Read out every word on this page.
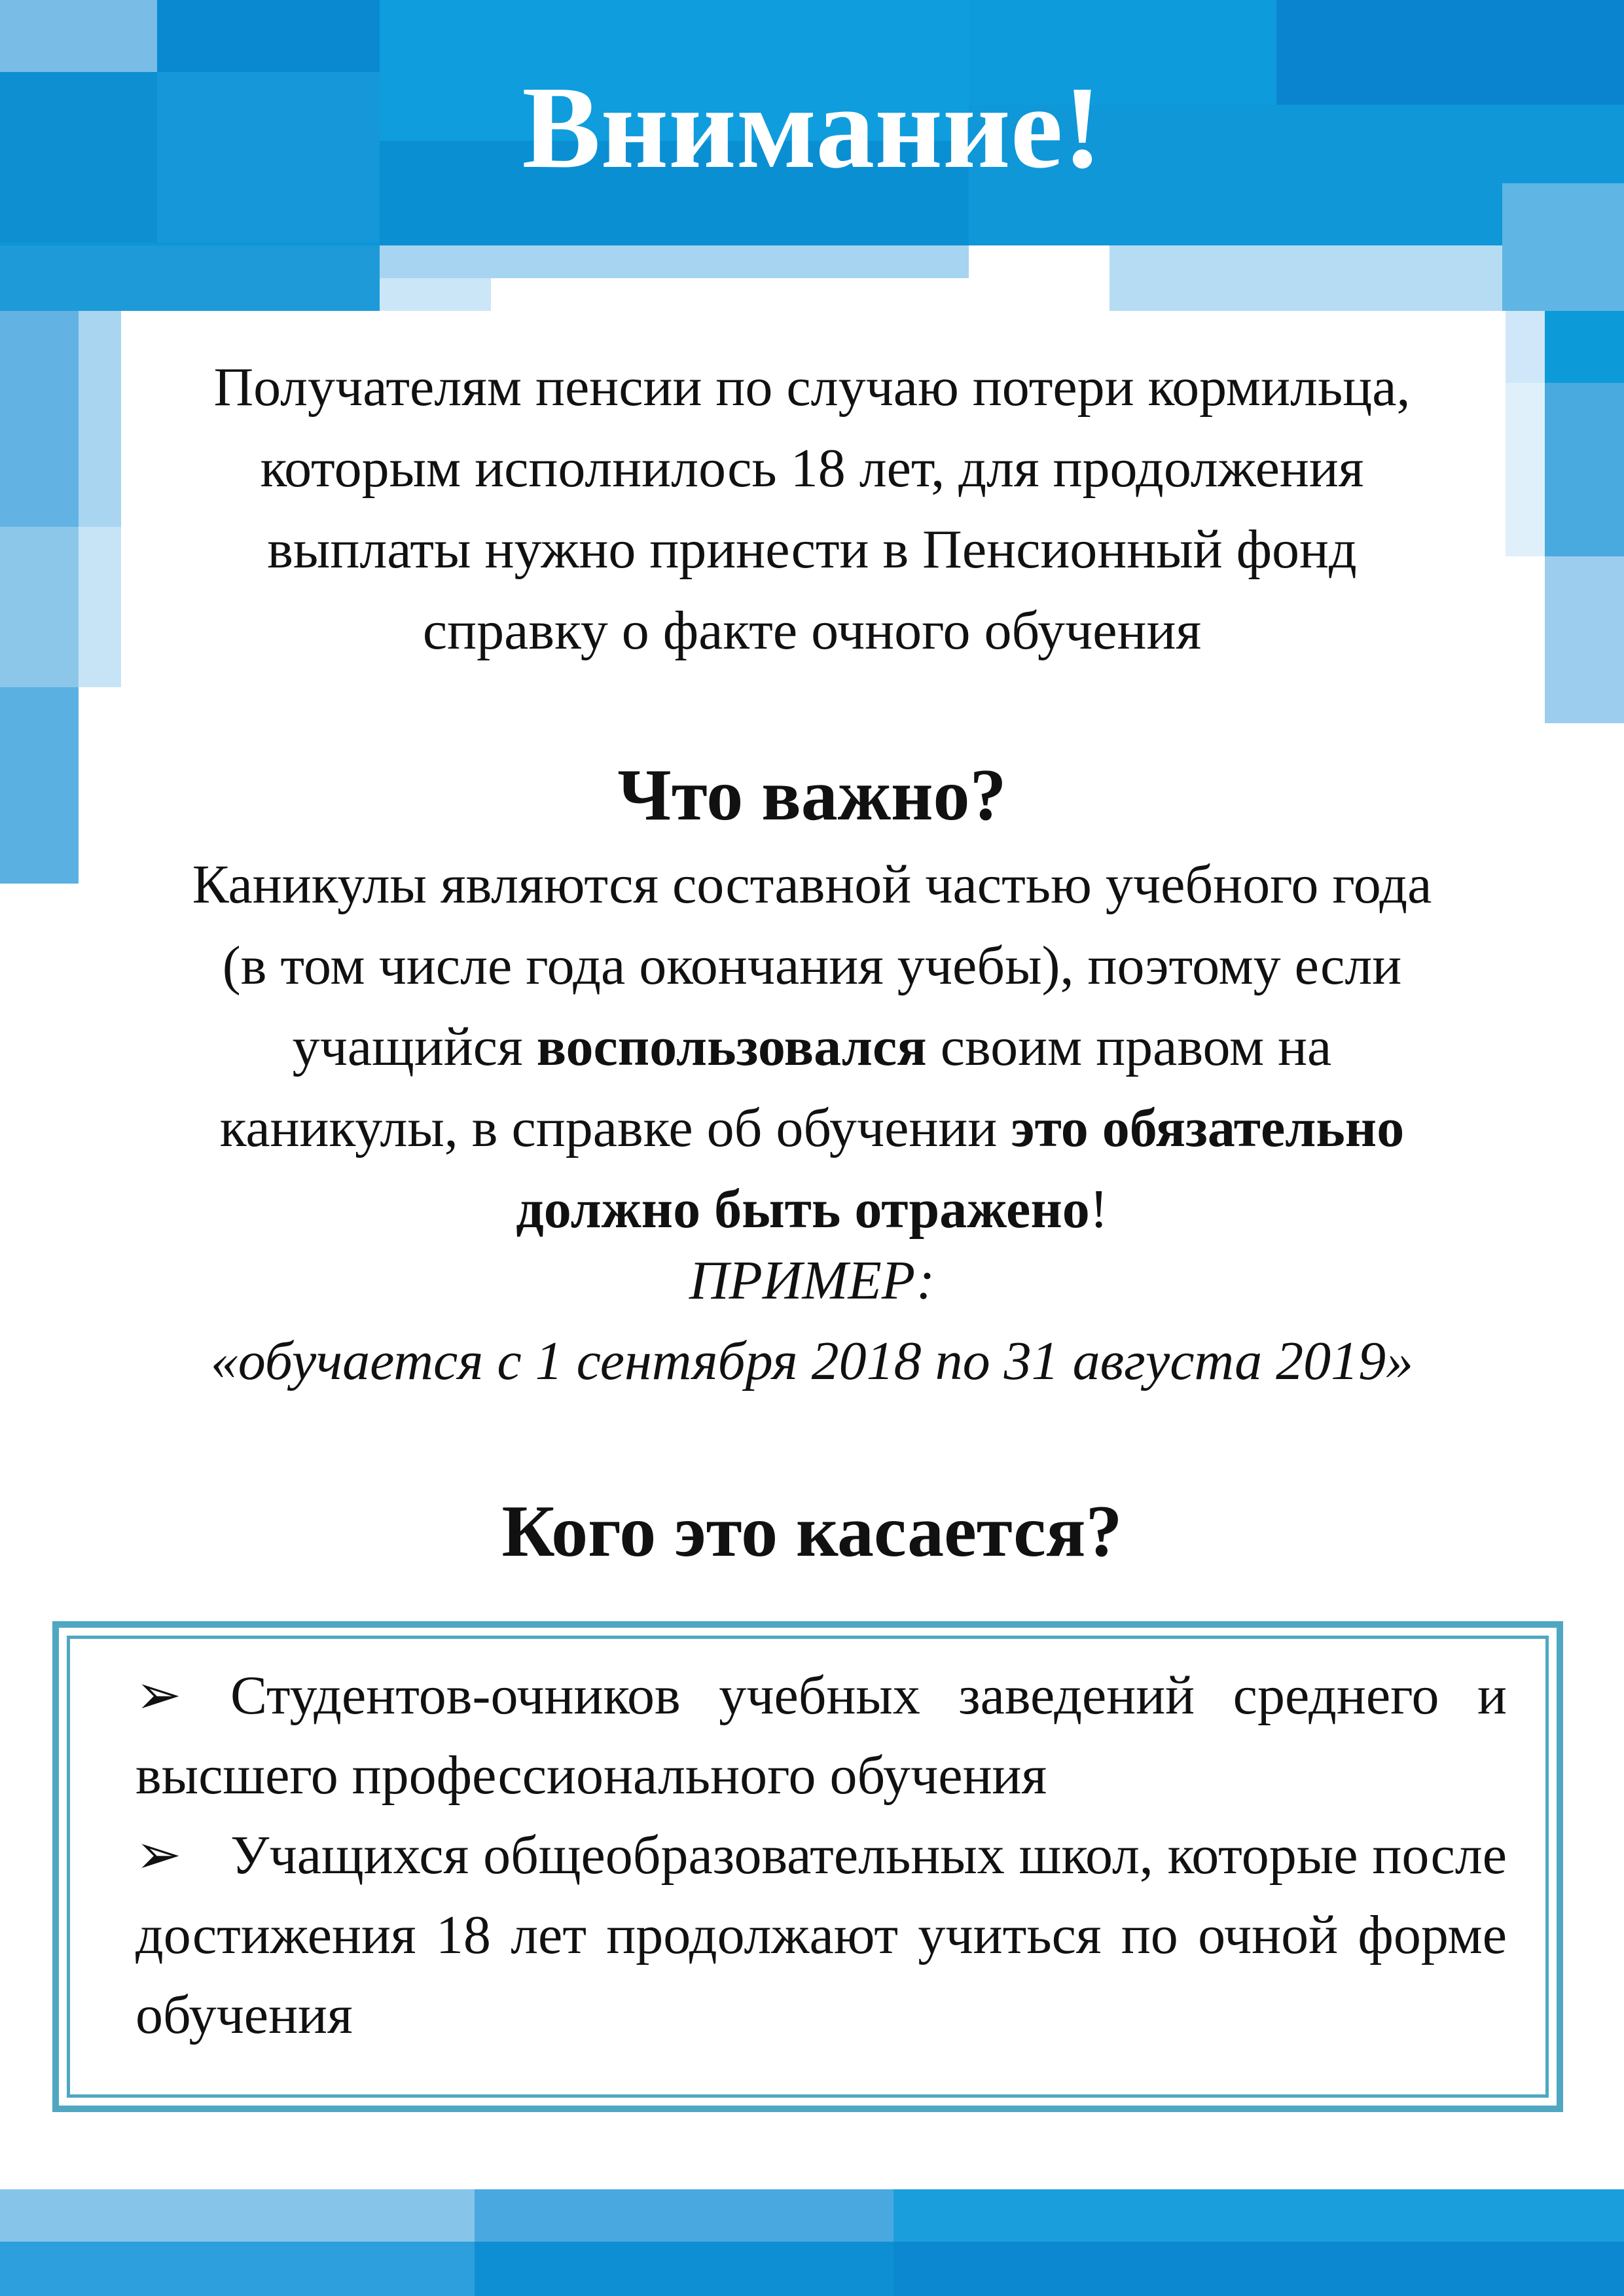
Внимание!
Получателям пенсии по случаю потери кормильца,
которым исполнилось 18 лет, для продолжения
выплаты нужно принести в Пенсионный фонд
справку о факте очного обучения
Что важно?
Каникулы являются составной частью учебного года
(в том числе года окончания учебы), поэтому если
учащийся воспользовался своим правом на
каникулы, в справке об обучении это обязательно
должно быть отражено!
ПРИМЕР:
«обучается с 1 сентября 2018 по 31 августа 2019»
Кого это касается?

➢ Студентов-очников учебных заведений среднего и высшего профессионального обучения

➢ Учащихся общеобразовательных школ, которые после достижения 18 лет продолжают учиться по очной форме обучения
